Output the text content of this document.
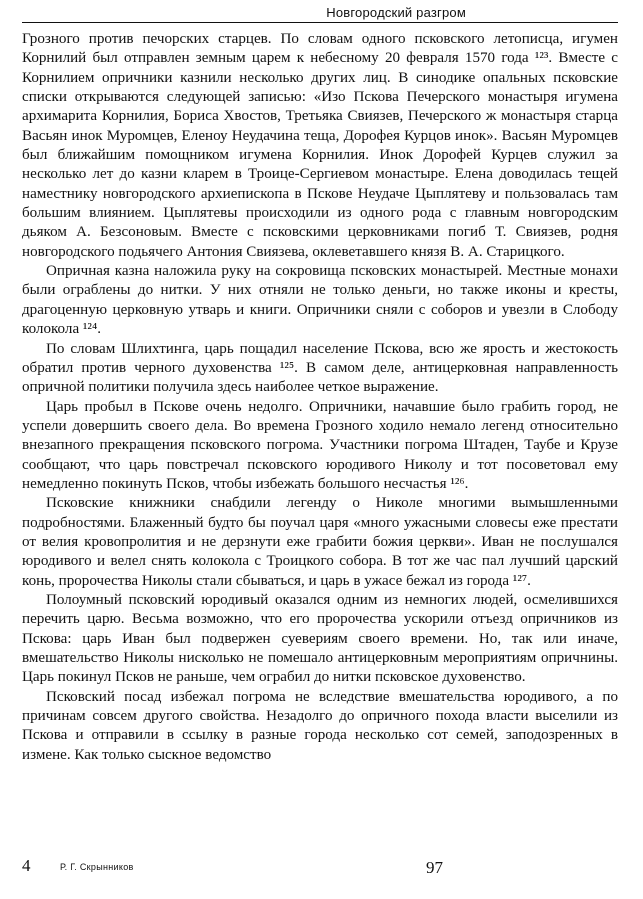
Новгородский разгром

Грозного против печорских старцев. По словам одного псковского летописца, игумен Корнилий был отправлен земным царем к небесному 20 февраля 1570 года ¹²³. Вместе с Корнилием опричники казнили несколько других лиц. В синодике опальных псковские списки открываются следующей записью: «Изо Пскова Печерского монастыря игумена архимарита Корнилия, Бориса Хвостов, Третьяка Свиязев, Печерского ж монастыря старца Васьян инок Муромцев, Еленоу Неудачина теща, Дорофея Курцов инок». Васьян Муромцев был ближайшим помощником игумена Корнилия. Инок Дорофей Курцев служил за несколько лет до казни кларем в Троице-Сергиевом монастыре. Елена доводилась тещей наместнику новгородского архиепископа в Пскове Неудаче Цыплятеву и пользовалась там большим влиянием. Цыплятевы происходили из одного рода с главным новгородским дьяком А. Безсоновым. Вместе с псковскими церковниками погиб Т. Свиязев, родня новгородского подьячего Антония Свиязева, оклеветавшего князя В. А. Старицкого.

Опричная казна наложила руку на сокровища псковских монастырей. Местные монахи были ограблены до нитки. У них отняли не только деньги, но также иконы и кресты, драгоценную церковную утварь и книги. Опричники сняли с соборов и увезли в Слободу колокола ¹²⁴.

По словам Шлихтинга, царь пощадил население Пскова, всю же ярость и жестокость обратил против черного духовенства ¹²⁵. В самом деле, антицерковная направленность опричной политики получила здесь наиболее четкое выражение.

Царь пробыл в Пскове очень недолго. Опричники, начавшие было грабить город, не успели довершить своего дела. Во времена Грозного ходило немало легенд относительно внезапного прекращения псковского погрома. Участники погрома Штаден, Таубе и Крузе сообщают, что царь повстречал псковского юродивого Николу и тот посоветовал ему немедленно покинуть Псков, чтобы избежать большого несчастья ¹²⁶.

Псковские книжники снабдили легенду о Николе многими вымышленными подробностями. Блаженный будто бы поучал царя «много ужасными словесы еже престати от велия кровопролития и не дерзнути еже грабити божия церкви». Иван не послушался юродивого и велел снять колокола с Троицкого собора. В тот же час пал лучший царский конь, пророчества Николы стали сбываться, и царь в ужасе бежал из города ¹²⁷.

Полоумный псковский юродивый оказался одним из немногих людей, осмелившихся перечить царю. Весьма возможно, что его пророчества ускорили отъезд опричников из Пскова: царь Иван был подвержен суевериям своего времени. Но, так или иначе, вмешательство Николы нисколько не помешало антицерковным мероприятиям опричнины. Царь покинул Псков не раньше, чем ограбил до нитки псковское духовенство.

Псковский посад избежал погрома не вследствие вмешательства юродивого, а по причинам совсем другого свойства. Незадолго до опричного похода власти выселили из Пскова и отправили в ссылку в разные города несколько сот семей, заподозренных в измене. Как только сыскное ведомство

4	Р. Г. Скрынников	97
